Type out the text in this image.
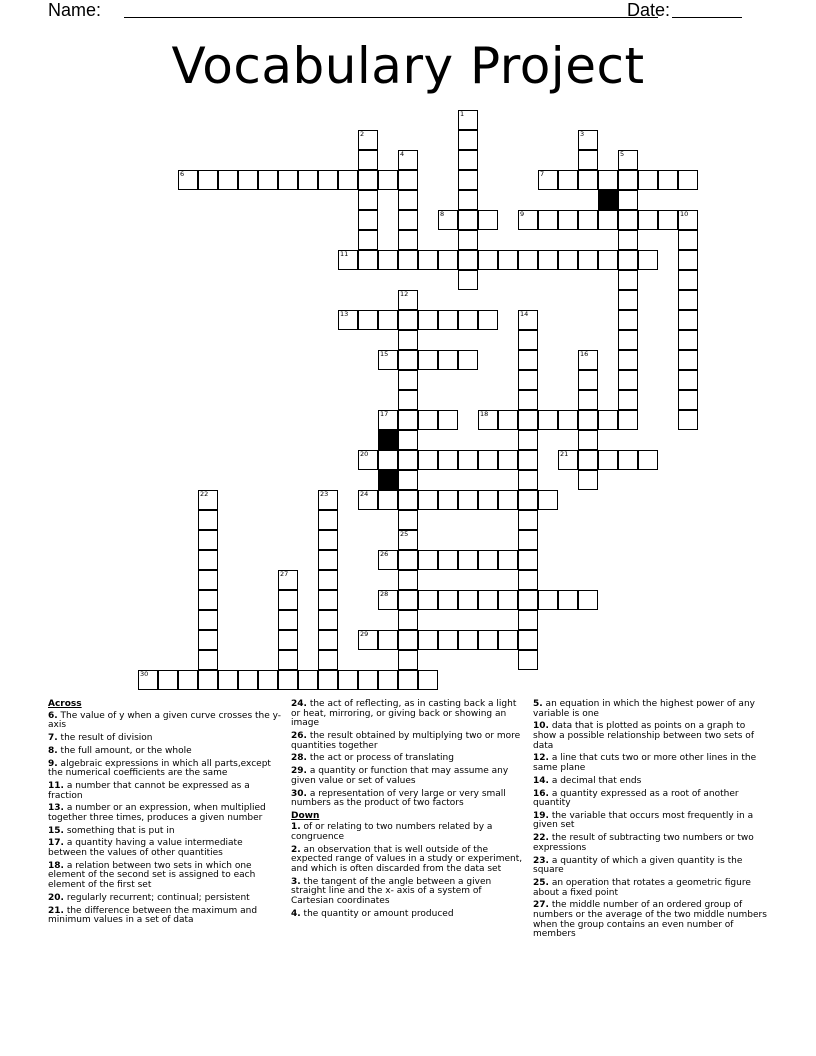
Name:	Date:
Vocabulary Project
1
2	3
4	5
6	7
8	9	10
11
12
13	14
15	16
17	18
19
20	21
22	23	24
25
26
27
28
29
30
Across
6. The value of y when a given curve crosses the y-axis
7. the result of division
8. the full amount, or the whole
9. algebraic expressions in which all parts,except the numerical coefficients are the same
11. a number that cannot be expressed as a fraction
13. a number or an expression, when multiplied together three times, produces a given number
15. something that is put in
17. a quantity having a value intermediate between the values of other quantities
18. a relation between two sets in which one element of the second set is assigned to each element of the first set
20. regularly recurrent; continual; persistent
21. the difference between the maximum and minimum values in a set of data
24. the act of reflecting, as in casting back a light or heat, mirroring, or giving back or showing an image
26. the result obtained by multiplying two or more quantities together
28. the act or process of translating
29. a quantity or function that may assume any given value or set of values
30. a representation of very large or very small numbers as the product of two factors
Down
1. of or relating to two numbers related by a congruence
2. an observation that is well outside of the expected range of values in a study or experiment, and which is often discarded from the data set
3. the tangent of the angle between a given straight line and the x- axis of a system of Cartesian coordinates
4. the quantity or amount produced
5. an equation in which the highest power of any variable is one
10. data that is plotted as points on a graph to show a possible relationship between two sets of data
12. a line that cuts two or more other lines in the same plane
14. a decimal that ends
16. a quantity expressed as a root of another quantity
19. the variable that occurs most frequently in a given set
22. the result of subtracting two numbers or two expressions
23. a quantity of which a given quantity is the square
25. an operation that rotates a geometric figure about a fixed point
27. the middle number of an ordered group of numbers or the average of the two middle numbers when the group contains an even number of members
